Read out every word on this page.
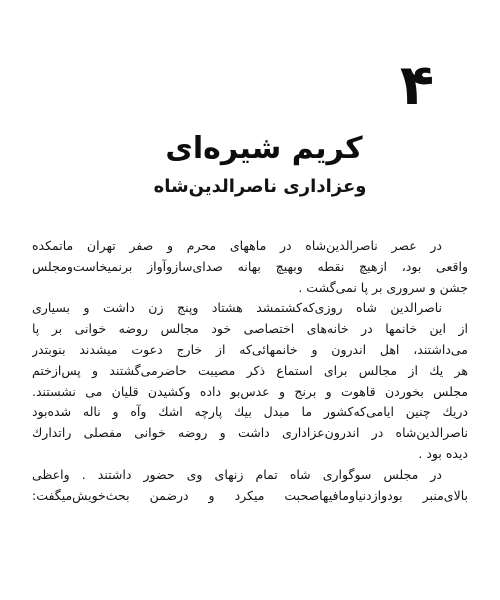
۴
کریم شیره‌ای
وعزاداری ناصرالدین‌شاه
در عصر ناصرالدین‌شاه در ماههای محرم و صفر تهران ماتمکده
واقعی بود، ازهیچ نقطه وبهیچ بهانه صدای‌سازوآواز برنمیخاست‌ومجلس
جشن و سروری بر پا نمی‌گشت .
ناصرالدین شاه روزی‌که‌کشتمشد هشتاد وپنج زن داشت و بسیاری
از این خانمها در خانه‌های اختصاصی خود مجالس روضه خوانی بر پا
می‌داشتند، اهل اندرون و خانمهائی‌که از خارج دعوت میشدند بنوبتدر
هر یك از مجالس برای استماع ذکر مصیبت حاضرمی‌گشتند و پس‌ازختم
مجلس بخوردن قاهوت و برنج و عدس‌بو داده وکشیدن قلیان می نشستند.
دریك چنین ایامی‌که‌کشور ما مبدل بیك پارچه اشك وآه و ناله شده‌بود
ناصرالدین‌شاه در اندرون‌عزاداری داشت و روضه خوانی مفصلی راتدارك
دیده بود .
در مجلس سوگواری شاه تمام زنهای وی حضور داشتند . واعظی
بالای‌منبر بودوازدنیاومافیهاصحبت میکرد و درضمن بحث‌خویش‌میگفت:
